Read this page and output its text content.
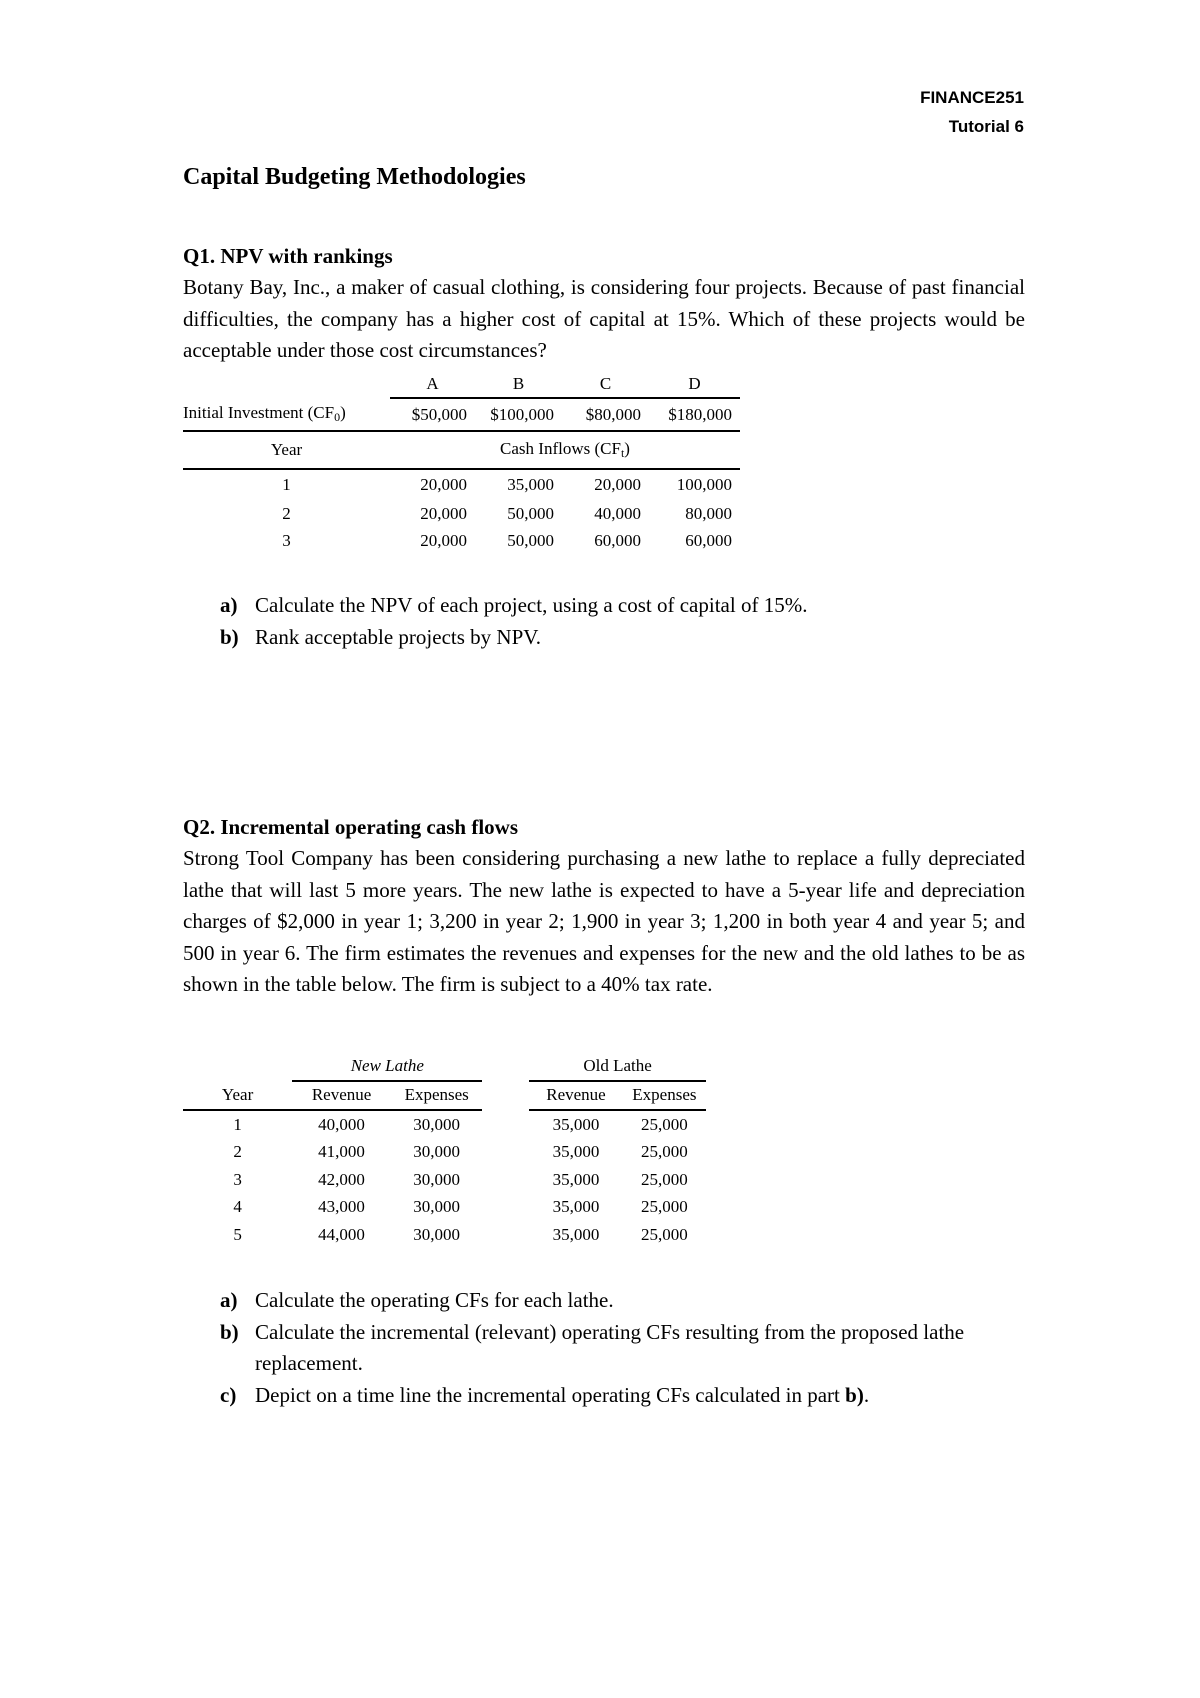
FINANCE251
Tutorial 6
Capital Budgeting Methodologies
Q1. NPV with rankings
Botany Bay, Inc., a maker of casual clothing, is considering four projects. Because of past financial difficulties, the company has a higher cost of capital at 15%. Which of these projects would be acceptable under those cost circumstances?
	A	B	C	D
Initial Investment $(CF_0)$	$50,000	$100,000	$80,000	$180,000
Year	Cash Inflows $(CF_t)$			
1	20,000	35,000	20,000	100,000
2	20,000	50,000	40,000	80,000
3	20,000	50,000	60,000	60,000
a) Calculate the NPV of each project, using a cost of capital of 15%.
b) Rank acceptable projects by NPV.
Q2. Incremental operating cash flows
Strong Tool Company has been considering purchasing a new lathe to replace a fully depreciated lathe that will last 5 more years. The new lathe is expected to have a 5-year life and depreciation charges of $2,000 in year 1; 3,200 in year 2; 1,900 in year 3; 1,200 in both year 4 and year 5; and 500 in year 6. The firm estimates the revenues and expenses for the new and the old lathes to be as shown in the table below. The firm is subject to a 40% tax rate.
	New Lathe			Old Lathe	
Year	Revenue	Expenses		Revenue	Expenses
1	40,000	30,000		35,000	25,000
2	41,000	30,000		35,000	25,000
3	42,000	30,000		35,000	25,000
4	43,000	30,000		35,000	25,000
5	44,000	30,000		35,000	25,000
a) Calculate the operating CFs for each lathe.
b) Calculate the incremental (relevant) operating CFs resulting from the proposed lathe replacement.
c) Depict on a time line the incremental operating CFs calculated in part b).
